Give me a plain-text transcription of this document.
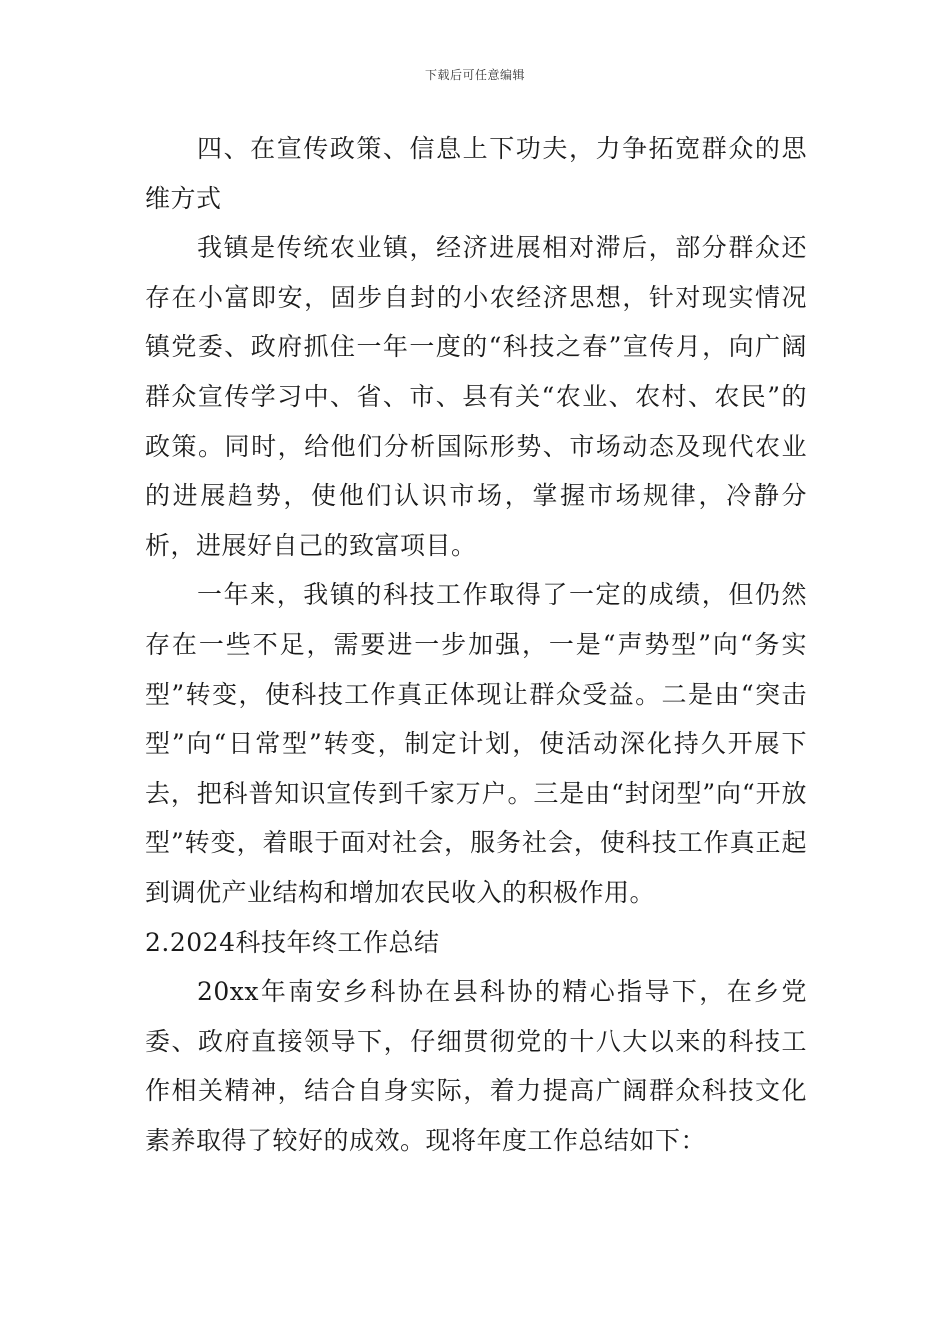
下载后可任意编辑

四、在宣传政策、信息上下功夫，力争拓宽群众的思维方式

我镇是传统农业镇，经济进展相对滞后，部分群众还存在小富即安，固步自封的小农经济思想，针对现实情况镇党委、政府抓住一年一度的“科技之春”宣传月，向广阔群众宣传学习中、省、市、县有关“农业、农村、农民”的政策。同时，给他们分析国际形势、市场动态及现代农业的进展趋势，使他们认识市场，掌握市场规律，冷静分析，进展好自己的致富项目。

一年来，我镇的科技工作取得了一定的成绩，但仍然存在一些不足，需要进一步加强，一是“声势型”向“务实型”转变，使科技工作真正体现让群众受益。二是由“突击型”向“日常型”转变，制定计划，使活动深化持久开展下去，把科普知识宣传到千家万户。三是由“封闭型”向“开放型”转变，着眼于面对社会，服务社会，使科技工作真正起到调优产业结构和增加农民收入的积极作用。

2.2024科技年终工作总结

20xx年南安乡科协在县科协的精心指导下，在乡党委、政府直接领导下，仔细贯彻党的十八大以来的科技工作相关精神，结合自身实际，着力提高广阔群众科技文化素养取得了较好的成效。现将年度工作总结如下：
